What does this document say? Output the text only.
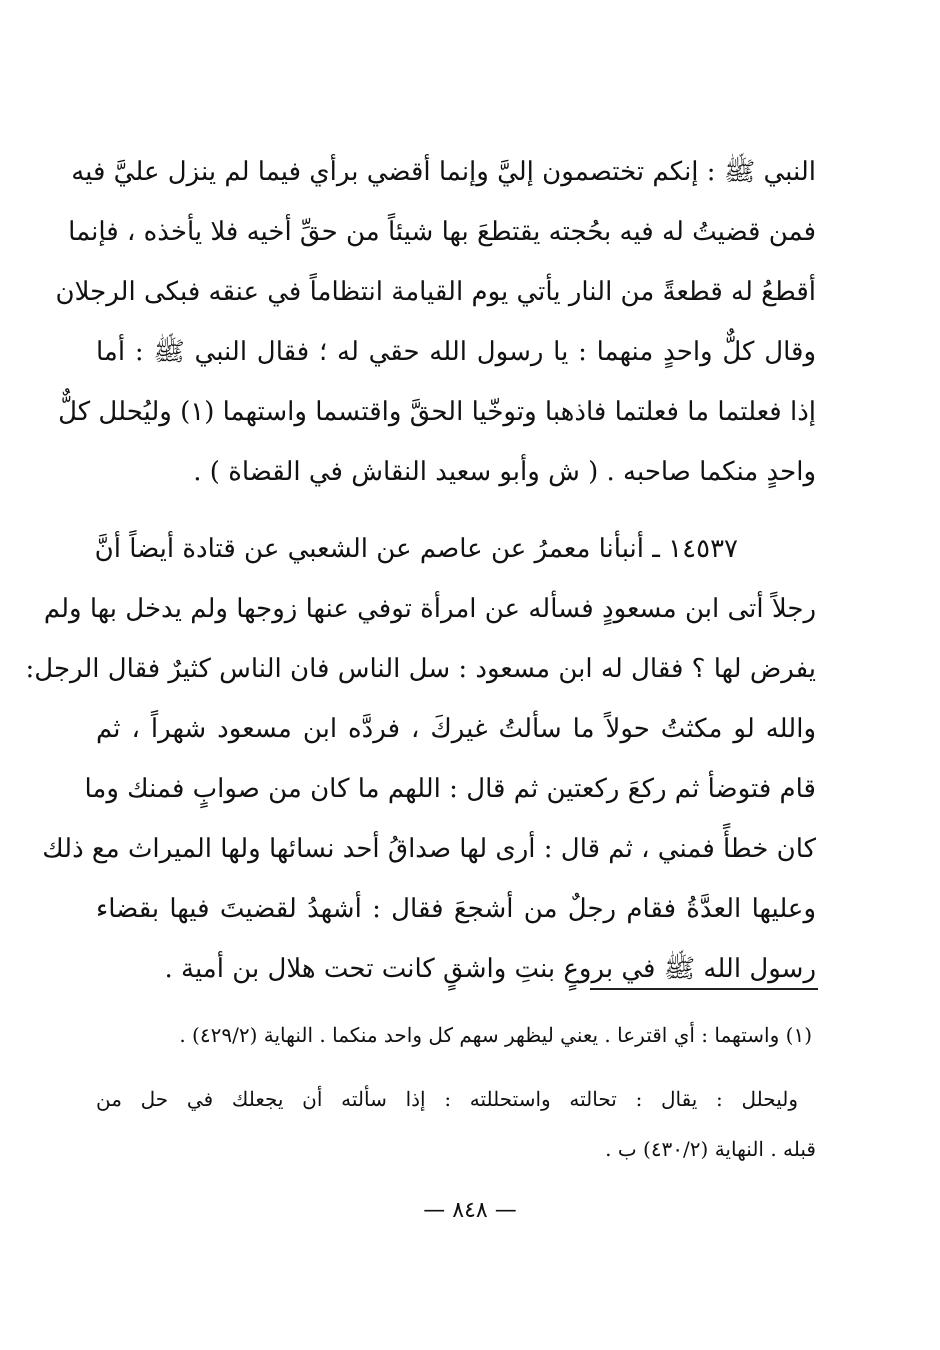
النبي ﷺ : إنكم تختصمون إليَّ وإنما أقضي برأي فيما لم ينزل عليَّ فيه
فمن قضيتُ له فيه بحُجته يقتطعَ بها شيئاً من حقِّ أخيه فلا يأخذه ، فإنما
أقطعُ له قطعةً من النار يأتي يوم القيامة انتظاماً في عنقه فبكى الرجلان
وقال كلٌّ واحدٍ منهما : يا رسول الله حقي له ؛ فقال النبي ﷺ : أما
إذا فعلتما ما فعلتما فاذهبا وتوخّيا الحقَّ واقتسما واستهما (١) وليُحلل كلٌّ
واحدٍ منكما صاحبه . ( ش وأبو سعيد النقاش في القضاة ) .
١٤٥٣٧ ـ أنبأنا معمرُ عن عاصم عن الشعبي عن قتادة أيضاً أنَّ
رجلاً أتى ابن مسعودٍ فسأله عن امرأة توفي عنها زوجها ولم يدخل بها ولم
يفرض لها ؟ فقال له ابن مسعود : سل الناس فان الناس كثيرٌ فقال الرجل:
والله لو مكثتُ حولاً ما سألتُ غيركَ ، فردَّه ابن مسعود شهراً ، ثم
قام فتوضأ ثم ركعَ ركعتين ثم قال : اللهم ما كان من صوابٍ فمنك وما
كان خطأً فمني ، ثم قال : أرى لها صداقُ أحد نسائها ولها الميراث مع ذلك
وعليها العدَّةُ فقام رجلٌ من أشجعَ فقال : أشهدُ لقضيتَ فيها بقضاء
رسول الله ﷺ في بروعٍ بنتِ واشقٍ كانت تحت هلال بن أمية .
(١) واستهما : أي اقترعا . يعني ليظهر سهم كل واحد منكما . النهاية (٤٢٩/٢) .
وليحلل : يقال : تحالته واستحللته : إذا سألته أن يجعلك في حل من
قبله . النهاية (٤٣٠/٢) ب .
— ٨٤٨ —
